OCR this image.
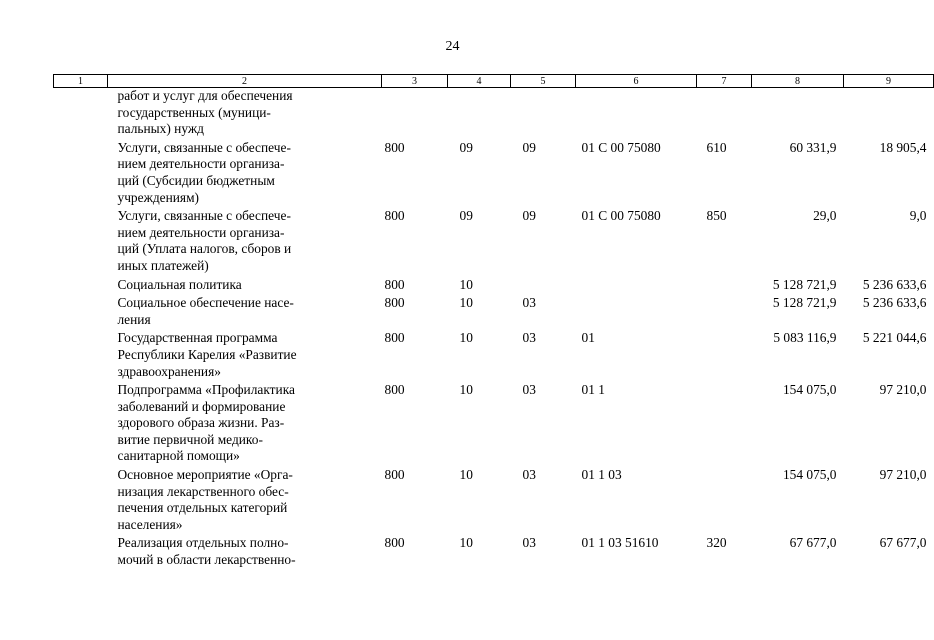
24
1	2	3	4	5	6	7	8	9

	работ и услуг для обеспечения
государственных (муници-
пальных) нужд							

	Услуги, связанные с обеспече-
нием деятельности организа-
ций (Субсидии бюджетным
учреждениям)	800	09	09	01 С 00 75080	610	60 331,9	18 905,4

	Услуги, связанные с обеспече-
нием деятельности организа-
ций (Уплата налогов, сборов и
иных платежей)	800	09	09	01 С 00 75080	850	29,0	9,0

	Социальная политика	800	10				5 128 721,9	5 236 633,6

	Социальное обеспечение насе-
ления	800	10	03			5 128 721,9	5 236 633,6

	Государственная программа
Республики Карелия «Развитие
здравоохранения»	800	10	03	01		5 083 116,9	5 221 044,6

	Подпрограмма «Профилактика
заболеваний и формирование
здорового образа жизни. Раз-
витие первичной медико-
санитарной помощи»	800	10	03	01 1		154 075,0	97 210,0

	Основное мероприятие «Орга-
низация лекарственного обес-
печения отдельных категорий
населения»	800	10	03	01 1 03		154 075,0	97 210,0

	Реализация отдельных полно-
мочий в области лекарственно-	800	10	03	01 1 03 51610	320	67 677,0	67 677,0
